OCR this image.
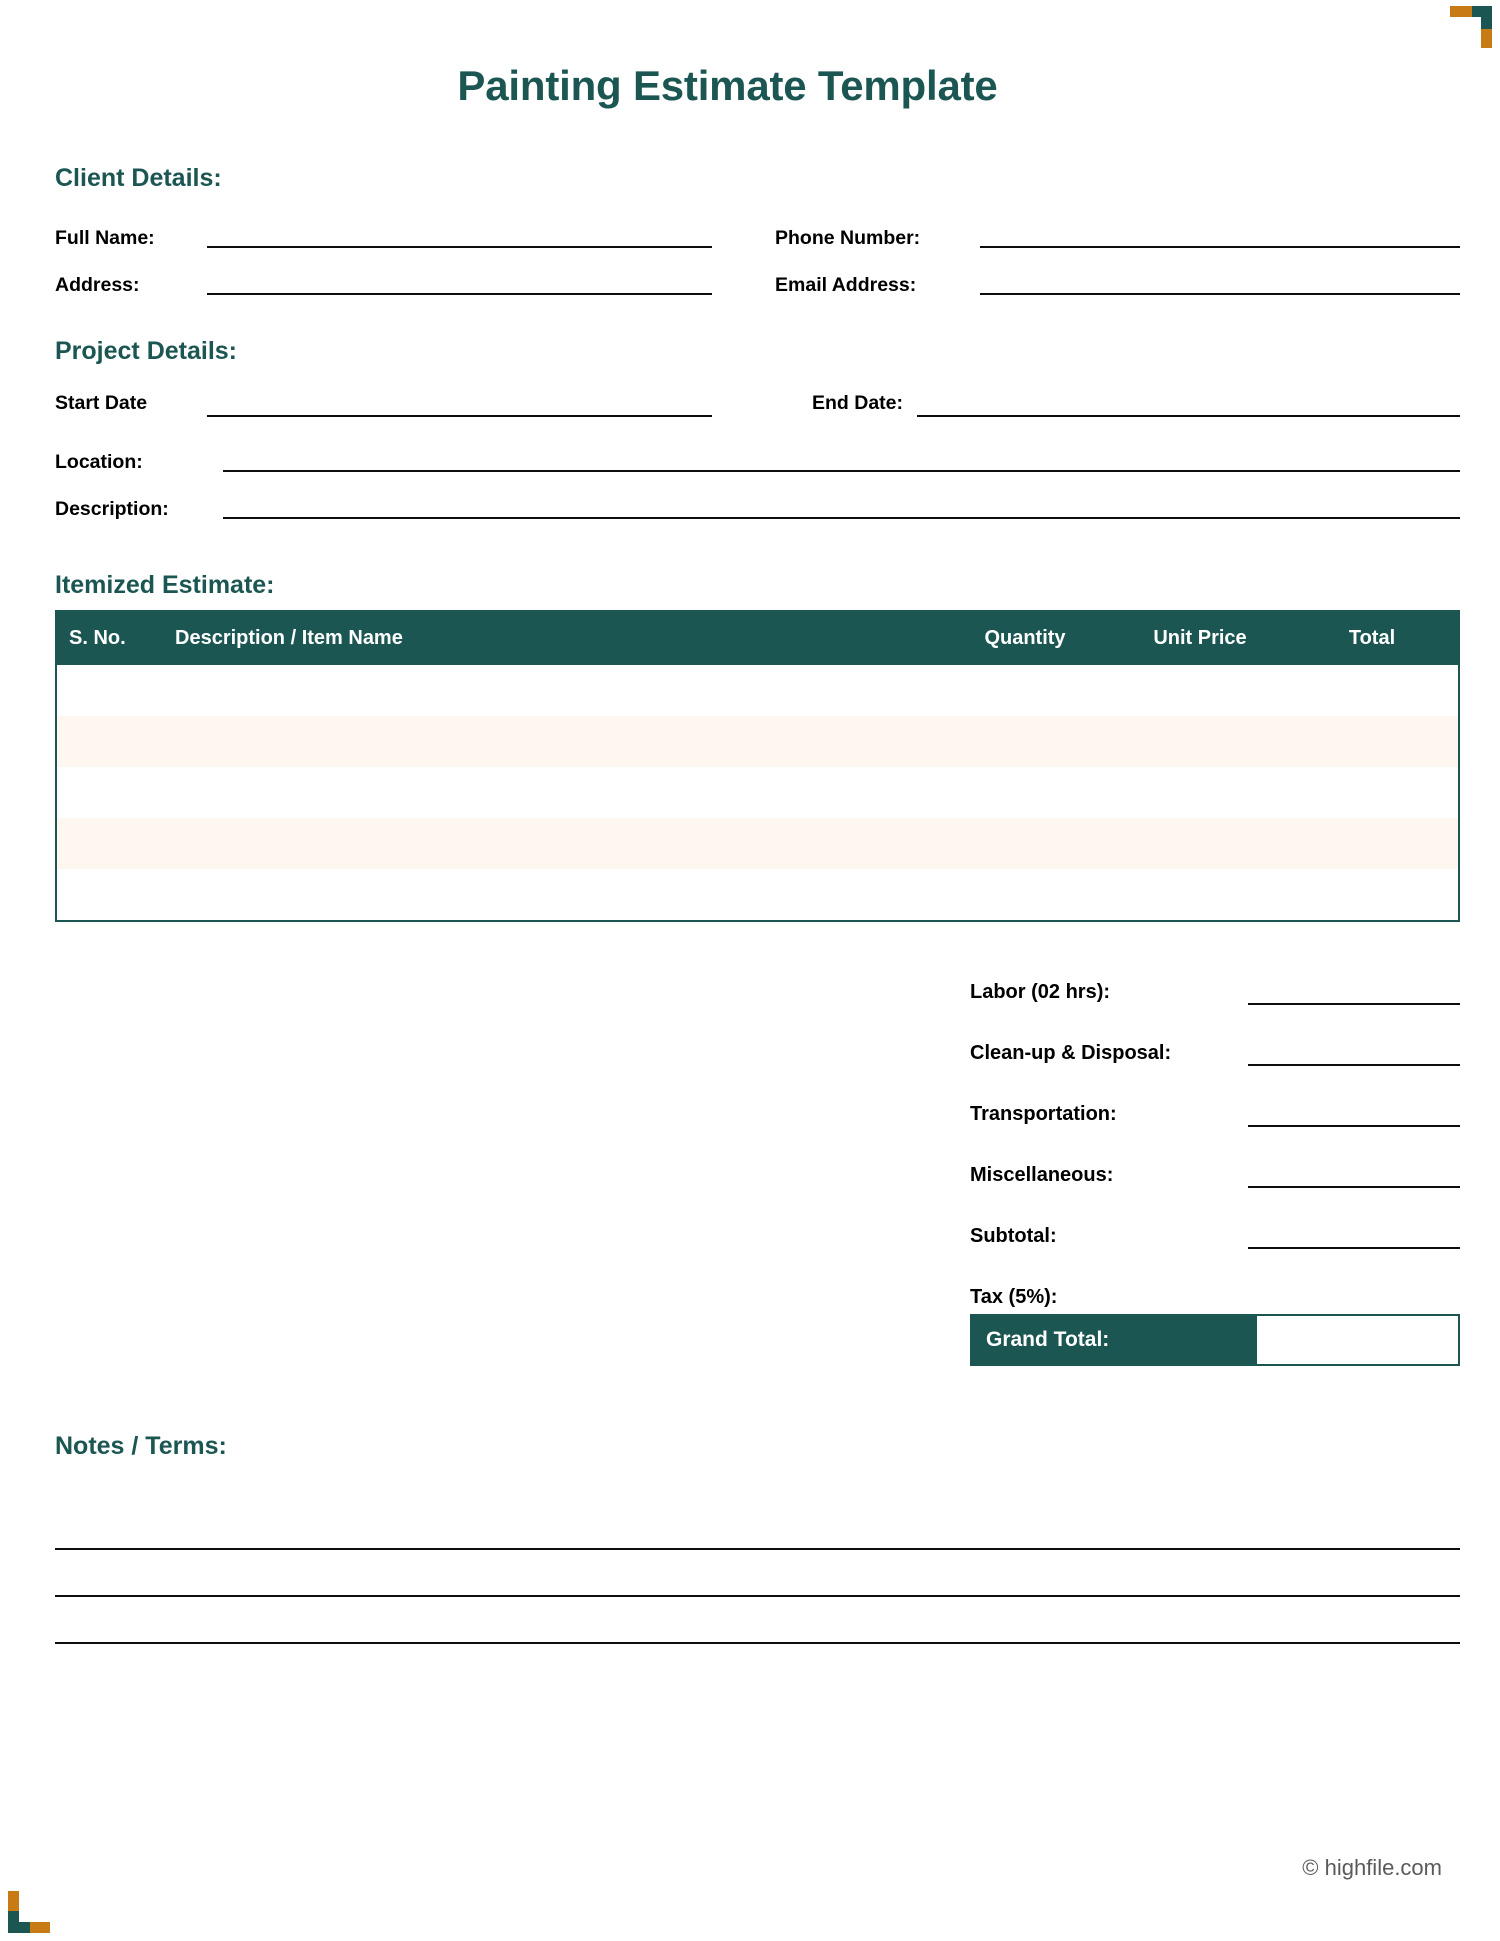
Painting Estimate Template
Client Details:
Full Name:	Phone Number:
Address:	Email Address:
Project Details:
Start Date	End Date:
Location:
Description:
Itemized Estimate:
S. No.	Description / Item Name	Quantity	Unit Price	Total
Labor (02 hrs):
Clean-up & Disposal:
Transportation:
Miscellaneous:
Subtotal:
Tax (5%):
Grand Total:
Notes / Terms:
© highfile.com
